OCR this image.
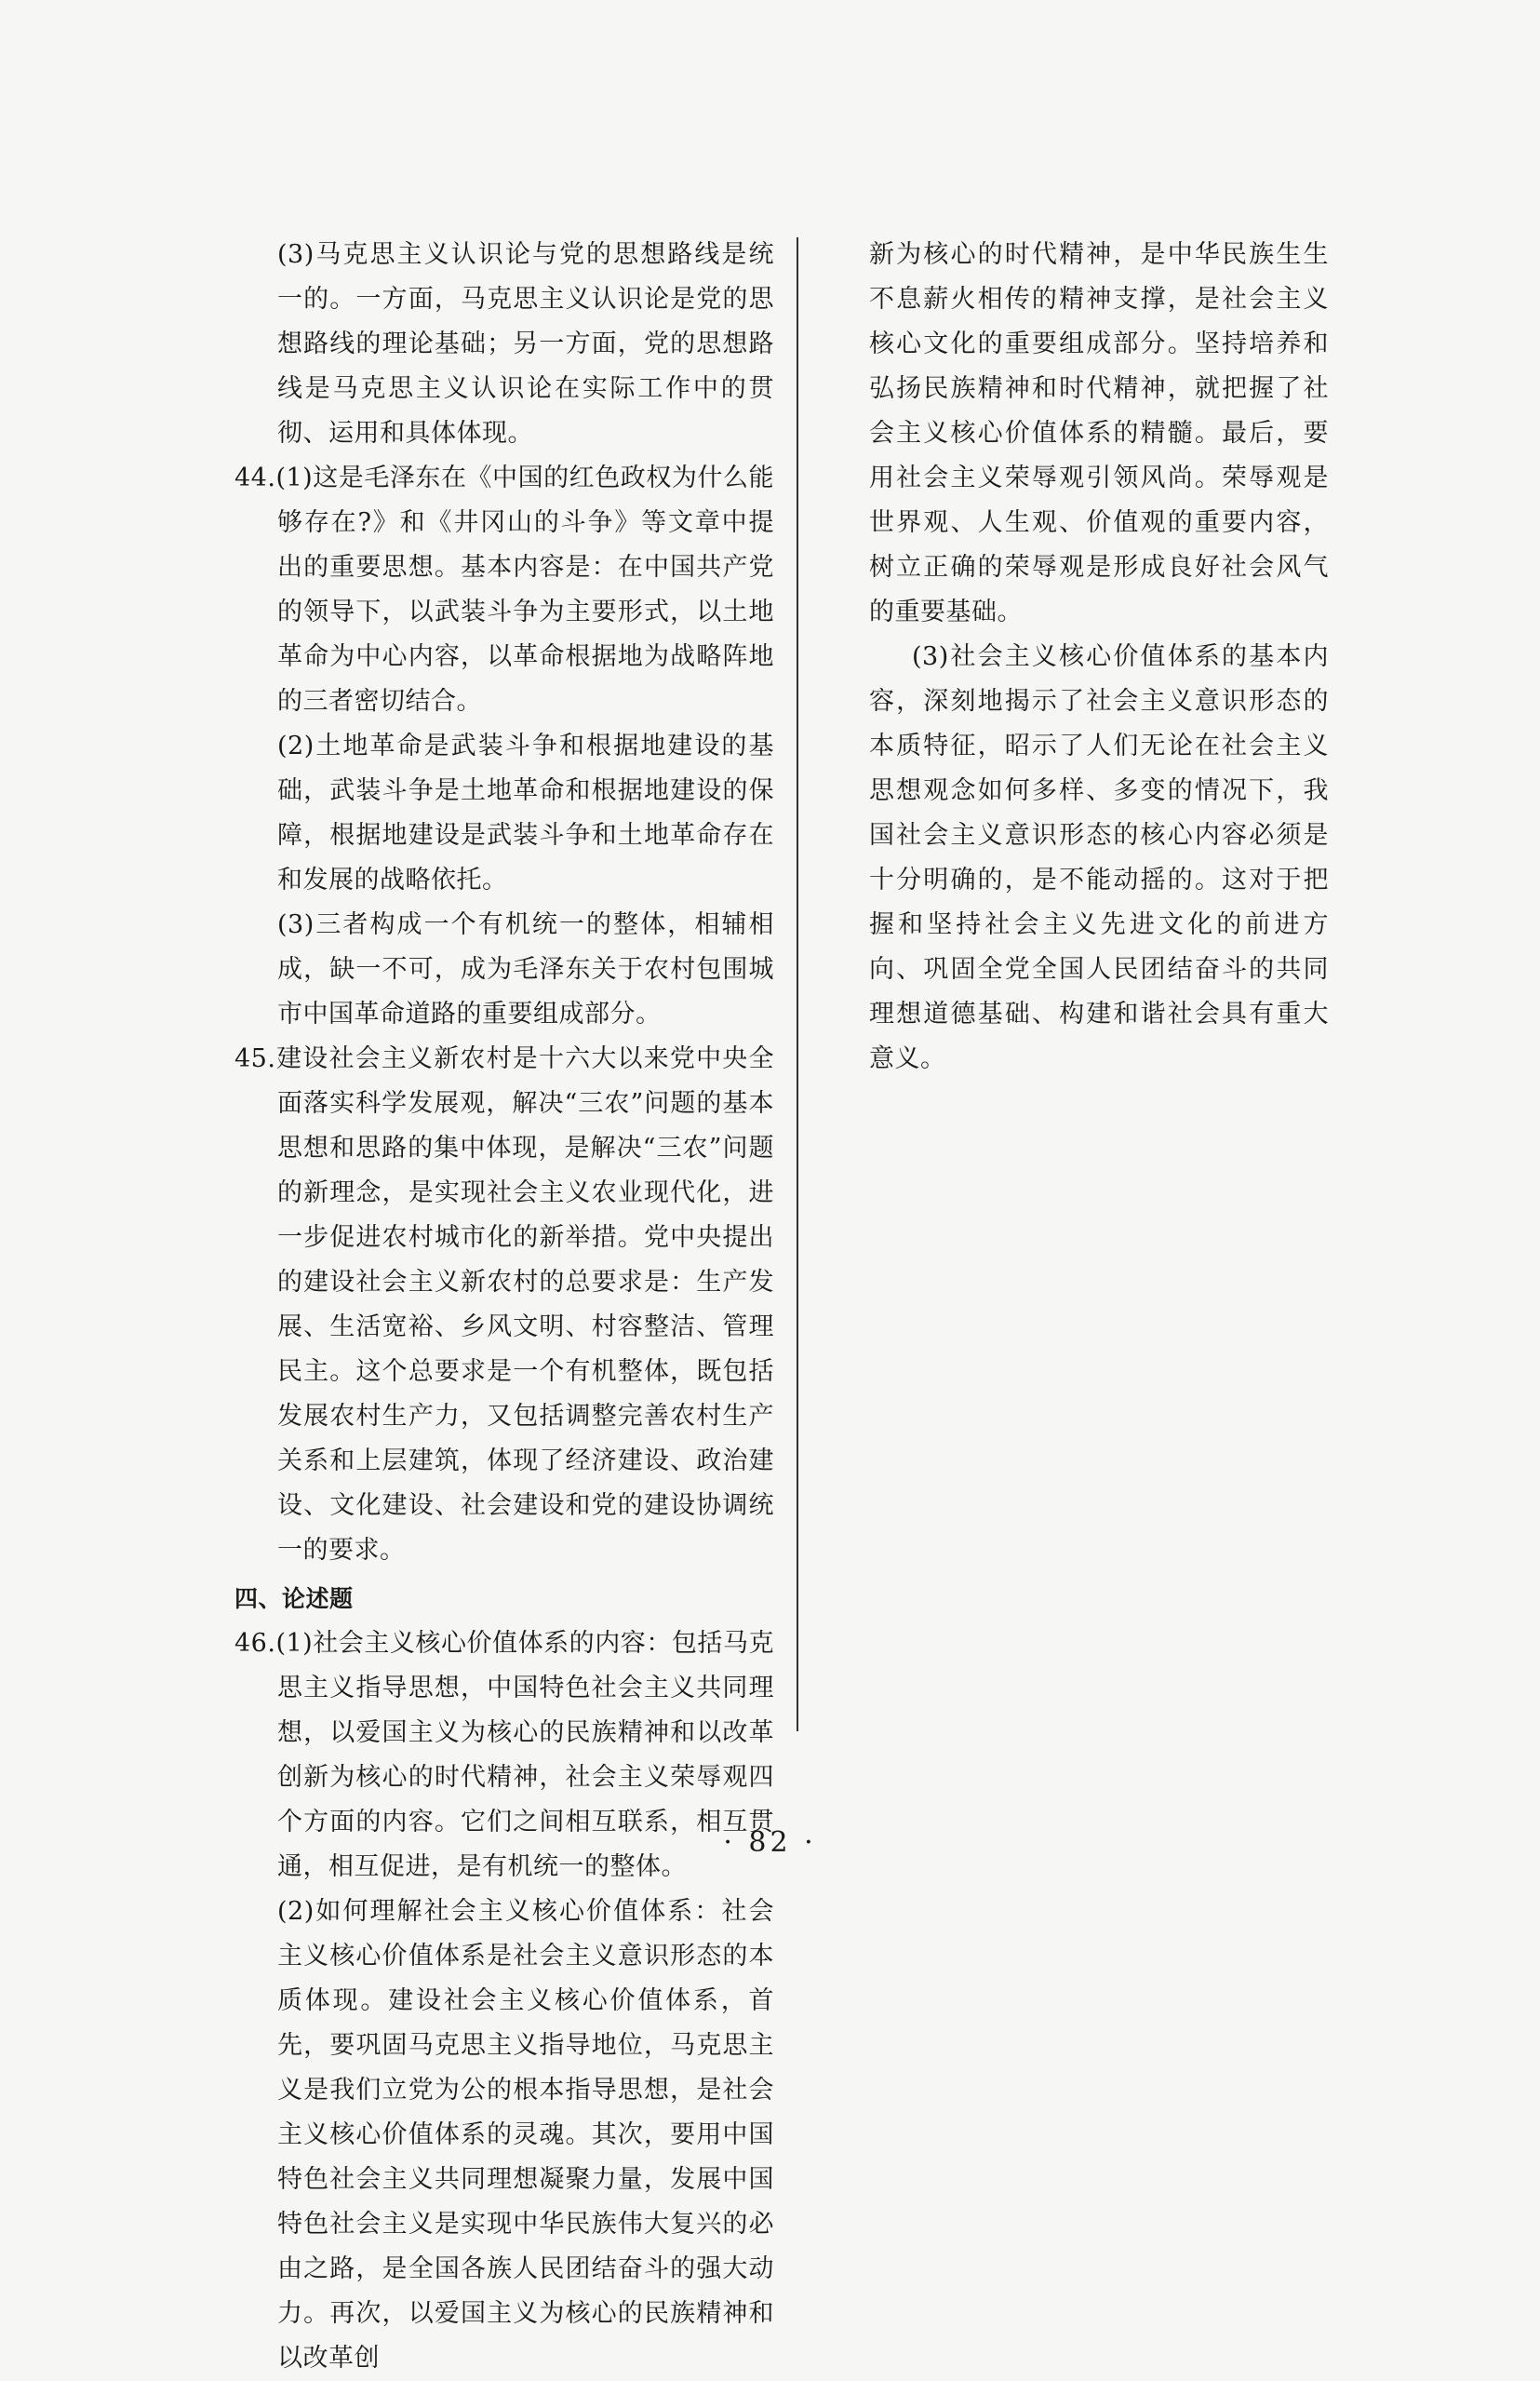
(3)马克思主义认识论与党的思想路线是统一的。一方面，马克思主义认识论是党的思想路线的理论基础；另一方面，党的思想路线是马克思主义认识论在实际工作中的贯彻、运用和具体体现。

44.(1)这是毛泽东在《中国的红色政权为什么能够存在?》和《井冈山的斗争》等文章中提出的重要思想。基本内容是：在中国共产党的领导下，以武装斗争为主要形式，以土地革命为中心内容，以革命根据地为战略阵地的三者密切结合。

(2)土地革命是武装斗争和根据地建设的基础，武装斗争是土地革命和根据地建设的保障，根据地建设是武装斗争和土地革命存在和发展的战略依托。

(3)三者构成一个有机统一的整体，相辅相成，缺一不可，成为毛泽东关于农村包围城市中国革命道路的重要组成部分。

45.建设社会主义新农村是十六大以来党中央全面落实科学发展观，解决“三农”问题的基本思想和思路的集中体现，是解决“三农”问题的新理念，是实现社会主义农业现代化，进一步促进农村城市化的新举措。党中央提出的建设社会主义新农村的总要求是：生产发展、生活宽裕、乡风文明、村容整洁、管理民主。这个总要求是一个有机整体，既包括发展农村生产力，又包括调整完善农村生产关系和上层建筑，体现了经济建设、政治建设、文化建设、社会建设和党的建设协调统一的要求。

四、论述题

46.(1)社会主义核心价值体系的内容：包括马克思主义指导思想，中国特色社会主义共同理想，以爱国主义为核心的民族精神和以改革创新为核心的时代精神，社会主义荣辱观四个方面的内容。它们之间相互联系，相互贯通，相互促进，是有机统一的整体。

(2)如何理解社会主义核心价值体系：社会主义核心价值体系是社会主义意识形态的本质体现。建设社会主义核心价值体系，首先，要巩固马克思主义指导地位，马克思主义是我们立党为公的根本指导思想，是社会主义核心价值体系的灵魂。其次，要用中国特色社会主义共同理想凝聚力量，发展中国特色社会主义是实现中华民族伟大复兴的必由之路，是全国各族人民团结奋斗的强大动力。再次，以爱国主义为核心的民族精神和以改革创

新为核心的时代精神，是中华民族生生不息薪火相传的精神支撑，是社会主义核心文化的重要组成部分。坚持培养和弘扬民族精神和时代精神，就把握了社会主义核心价值体系的精髓。最后，要用社会主义荣辱观引领风尚。荣辱观是世界观、人生观、价值观的重要内容，树立正确的荣辱观是形成良好社会风气的重要基础。

(3)社会主义核心价值体系的基本内容，深刻地揭示了社会主义意识形态的本质特征，昭示了人们无论在社会主义思想观念如何多样、多变的情况下，我国社会主义意识形态的核心内容必须是十分明确的，是不能动摇的。这对于把握和坚持社会主义先进文化的前进方向、巩固全党全国人民团结奋斗的共同理想道德基础、构建和谐社会具有重大意义。

· 82 ·
